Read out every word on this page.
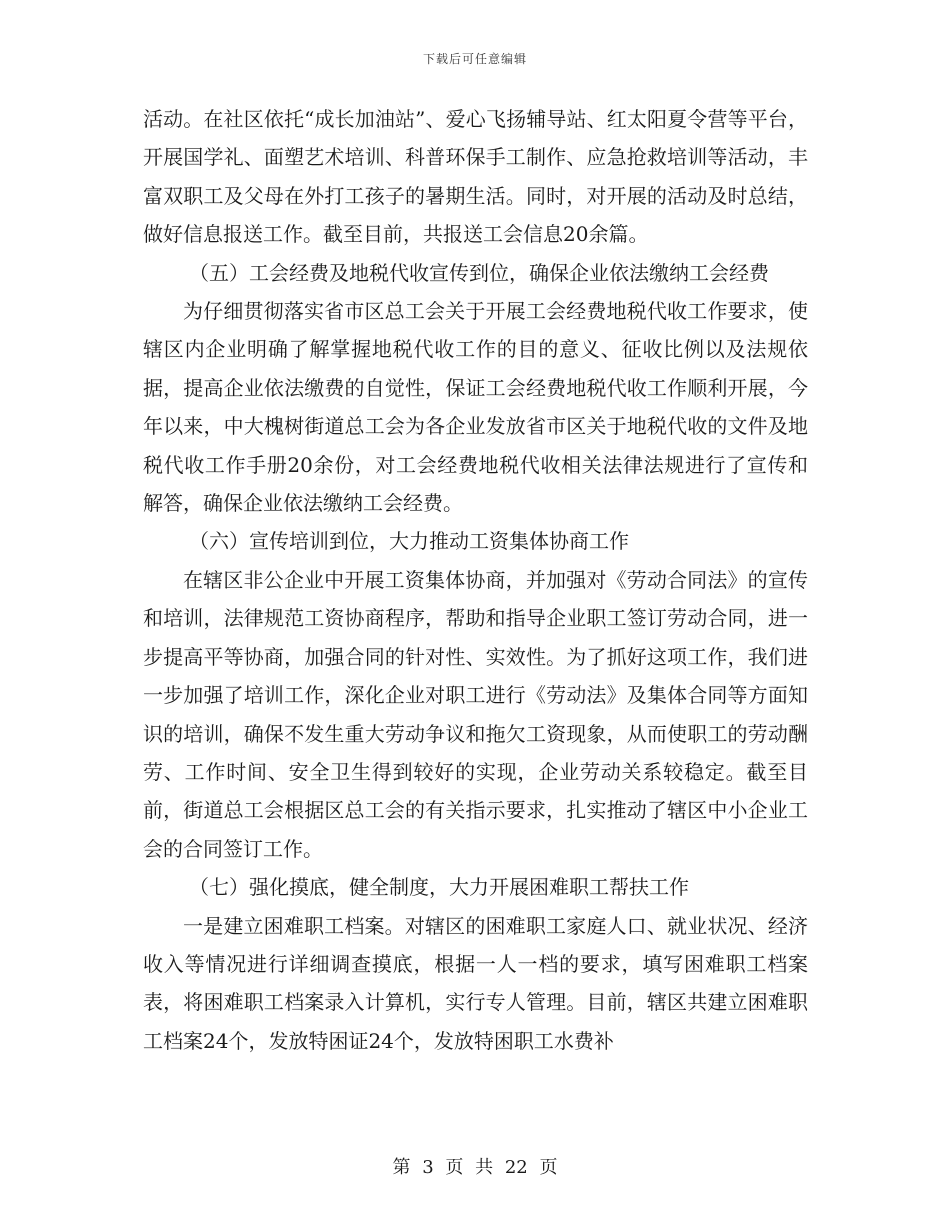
下载后可任意编辑

活动。在社区依托“成长加油站”、爱心飞扬辅导站、红太阳夏令营等平台，开展国学礼、面塑艺术培训、科普环保手工制作、应急抢救培训等活动，丰富双职工及父母在外打工孩子的暑期生活。同时，对开展的活动及时总结，做好信息报送工作。截至目前，共报送工会信息20余篇。

（五）工会经费及地税代收宣传到位，确保企业依法缴纳工会经费

为仔细贯彻落实省市区总工会关于开展工会经费地税代收工作要求，使辖区内企业明确了解掌握地税代收工作的目的意义、征收比例以及法规依据，提高企业依法缴费的自觉性，保证工会经费地税代收工作顺利开展，今年以来，中大槐树街道总工会为各企业发放省市区关于地税代收的文件及地税代收工作手册20余份，对工会经费地税代收相关法律法规进行了宣传和解答，确保企业依法缴纳工会经费。

（六）宣传培训到位，大力推动工资集体协商工作

在辖区非公企业中开展工资集体协商，并加强对《劳动合同法》的宣传和培训，法律规范工资协商程序，帮助和指导企业职工签订劳动合同，进一步提高平等协商，加强合同的针对性、实效性。为了抓好这项工作，我们进一步加强了培训工作，深化企业对职工进行《劳动法》及集体合同等方面知识的培训，确保不发生重大劳动争议和拖欠工资现象，从而使职工的劳动酬劳、工作时间、安全卫生得到较好的实现，企业劳动关系较稳定。截至目前，街道总工会根据区总工会的有关指示要求，扎实推动了辖区中小企业工会的合同签订工作。

（七）强化摸底，健全制度，大力开展困难职工帮扶工作

一是建立困难职工档案。对辖区的困难职工家庭人口、就业状况、经济收入等情况进行详细调查摸底，根据一人一档的要求，填写困难职工档案表，将困难职工档案录入计算机，实行专人管理。目前，辖区共建立困难职工档案24个，发放特困证24个，发放特困职工水费补

第 3 页 共 22 页
